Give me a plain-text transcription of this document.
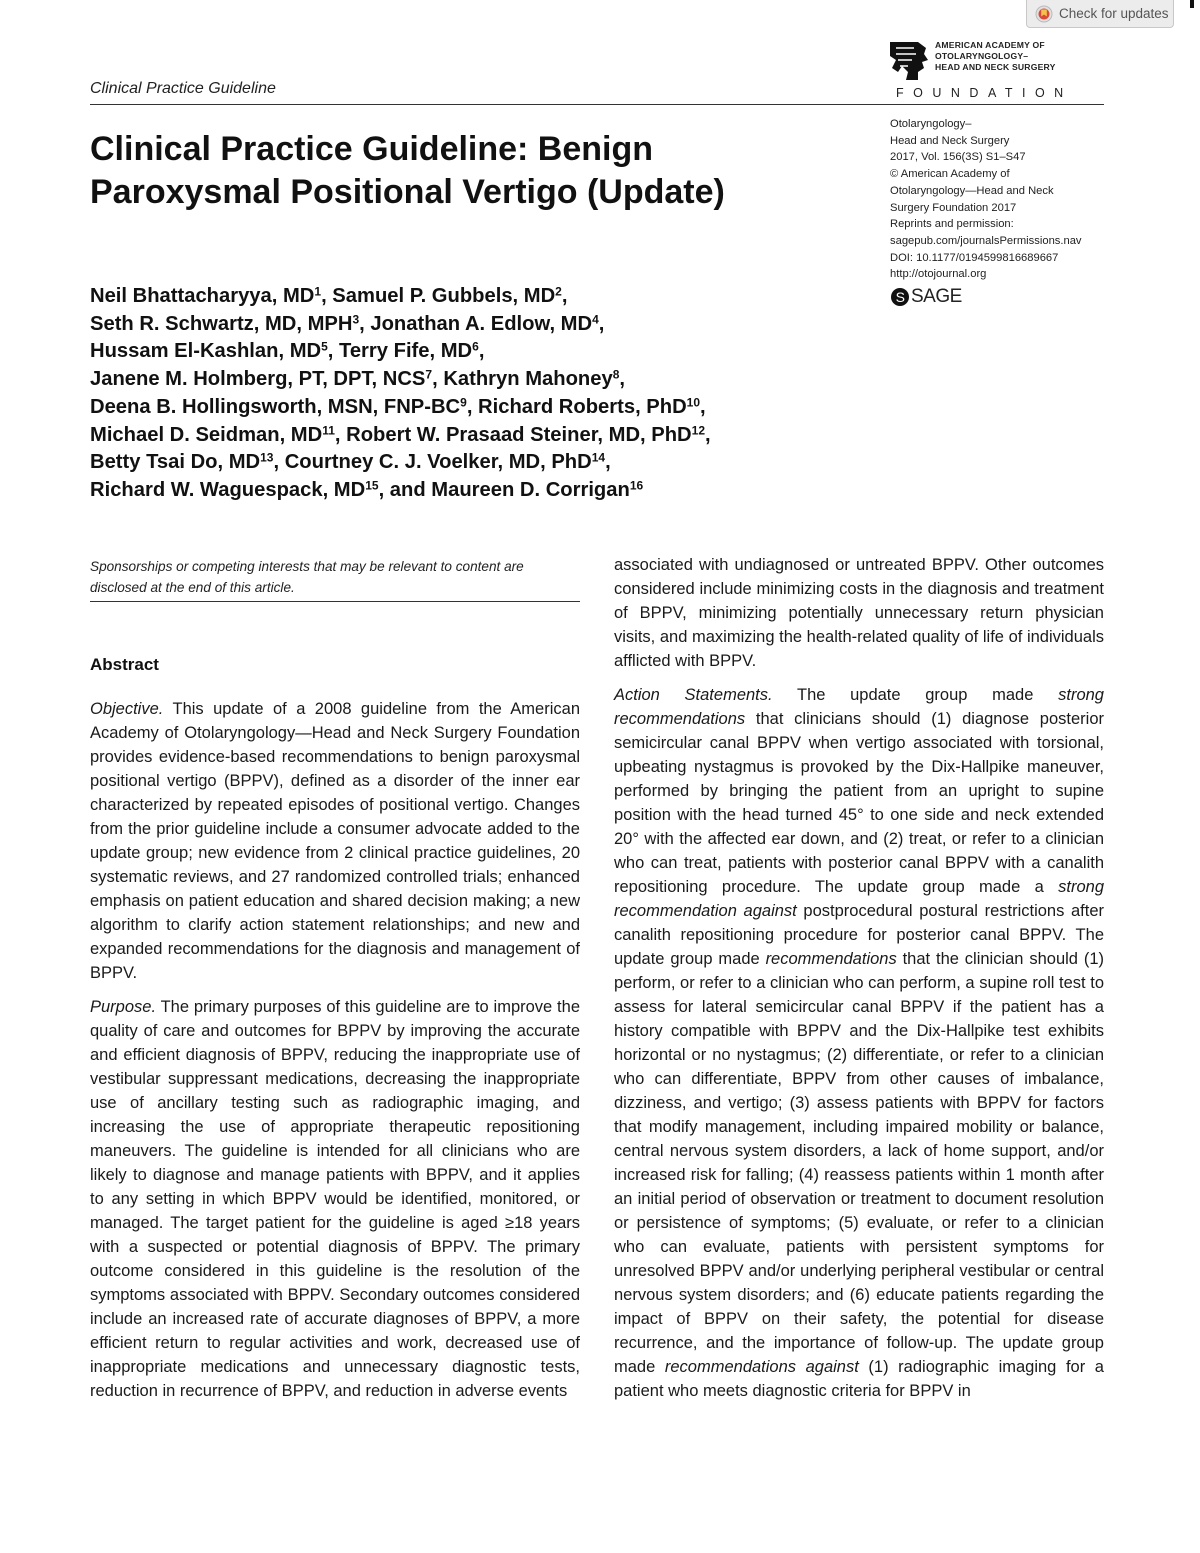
Check for updates
Clinical Practice Guideline
AMERICAN ACADEMY OF
OTOLARYNGOLOGY–
HEAD AND NECK SURGERY
FOUNDATION
Otolaryngology–
Head and Neck Surgery
2017, Vol. 156(3S) S1–S47
© American Academy of
Otolaryngology—Head and Neck
Surgery Foundation 2017
Reprints and permission:
sagepub.com/journalsPermissions.nav
DOI: 10.1177/0194599816689667
http://otojournal.org
S SAGE
Clinical Practice Guideline: Benign Paroxysmal Positional Vertigo (Update)
Neil Bhattacharyya, $MD^1$, Samuel P. Gubbels, $MD^2$,
Seth R. Schwartz, MD, MPH$^3$, Jonathan A. Edlow, $MD^4$,
Hussam El-Kashlan, $MD^5$, Terry Fife, $MD^6$,
Janene M. Holmberg, PT, DPT, NCS$^7$, Kathryn Mahoney$^8$,
Deena B. Hollingsworth, MSN, FNP-$BC^9$, Richard Roberts, PhD$^{10}$,
Michael D. Seidman, MD$^{11}$, Robert W. Prasaad Steiner, MD, PhD$^{12}$,
Betty Tsai Do, MD$^{13}$, Courtney C. J. Voelker, MD, PhD$^{14}$,
Richard W. Waguespack, MD$^{15}$, and Maureen D. Corrigan$^{16}$
Sponsorships or competing interests that may be relevant to content are disclosed at the end of this article.
Abstract

Objective. This update of a 2008 guideline from the American Academy of Otolaryngology—Head and Neck Surgery Foundation provides evidence-based recommendations to benign paroxysmal positional vertigo (BPPV), defined as a disorder of the inner ear characterized by repeated episodes of positional vertigo. Changes from the prior guideline include a consumer advocate added to the update group; new evidence from 2 clinical practice guidelines, 20 systematic reviews, and 27 randomized controlled trials; enhanced emphasis on patient education and shared decision making; a new algorithm to clarify action statement relationships; and new and expanded recommendations for the diagnosis and management of BPPV.

Purpose. The primary purposes of this guideline are to improve the quality of care and outcomes for BPPV by improving the accurate and efficient diagnosis of BPPV, reducing the inappropriate use of vestibular suppressant medications, decreasing the inappropriate use of ancillary testing such as radiographic imaging, and increasing the use of appropriate therapeutic repositioning maneuvers. The guideline is intended for all clinicians who are likely to diagnose and manage patients with BPPV, and it applies to any setting in which BPPV would be identified, monitored, or managed. The target patient for the guideline is aged ≥18 years with a suspected or potential diagnosis of BPPV. The primary outcome considered in this guideline is the resolution of the symptoms associated with BPPV. Secondary outcomes considered include an increased rate of accurate diagnoses of BPPV, a more efficient return to regular activities and work, decreased use of inappropriate medications and unnecessary diagnostic tests, reduction in recurrence of BPPV, and reduction in adverse events

associated with undiagnosed or untreated BPPV. Other outcomes considered include minimizing costs in the diagnosis and treatment of BPPV, minimizing potentially unnecessary return physician visits, and maximizing the health-related quality of life of individuals afflicted with BPPV.

Action Statements. The update group made strong recommendations that clinicians should (1) diagnose posterior semicircular canal BPPV when vertigo associated with torsional, upbeating nystagmus is provoked by the Dix-Hallpike maneuver, performed by bringing the patient from an upright to supine position with the head turned 45° to one side and neck extended 20° with the affected ear down, and (2) treat, or refer to a clinician who can treat, patients with posterior canal BPPV with a canalith repositioning procedure. The update group made a strong recommendation against postprocedural postural restrictions after canalith repositioning procedure for posterior canal BPPV. The update group made recommendations that the clinician should (1) perform, or refer to a clinician who can perform, a supine roll test to assess for lateral semicircular canal BPPV if the patient has a history compatible with BPPV and the Dix-Hallpike test exhibits horizontal or no nystagmus; (2) differentiate, or refer to a clinician who can differentiate, BPPV from other causes of imbalance, dizziness, and vertigo; (3) assess patients with BPPV for factors that modify management, including impaired mobility or balance, central nervous system disorders, a lack of home support, and/or increased risk for falling; (4) reassess patients within 1 month after an initial period of observation or treatment to document resolution or persistence of symptoms; (5) evaluate, or refer to a clinician who can evaluate, patients with persistent symptoms for unresolved BPPV and/or underlying peripheral vestibular or central nervous system disorders; and (6) educate patients regarding the impact of BPPV on their safety, the potential for disease recurrence, and the importance of follow-up. The update group made recommendations against (1) radiographic imaging for a patient who meets diagnostic criteria for BPPV in
